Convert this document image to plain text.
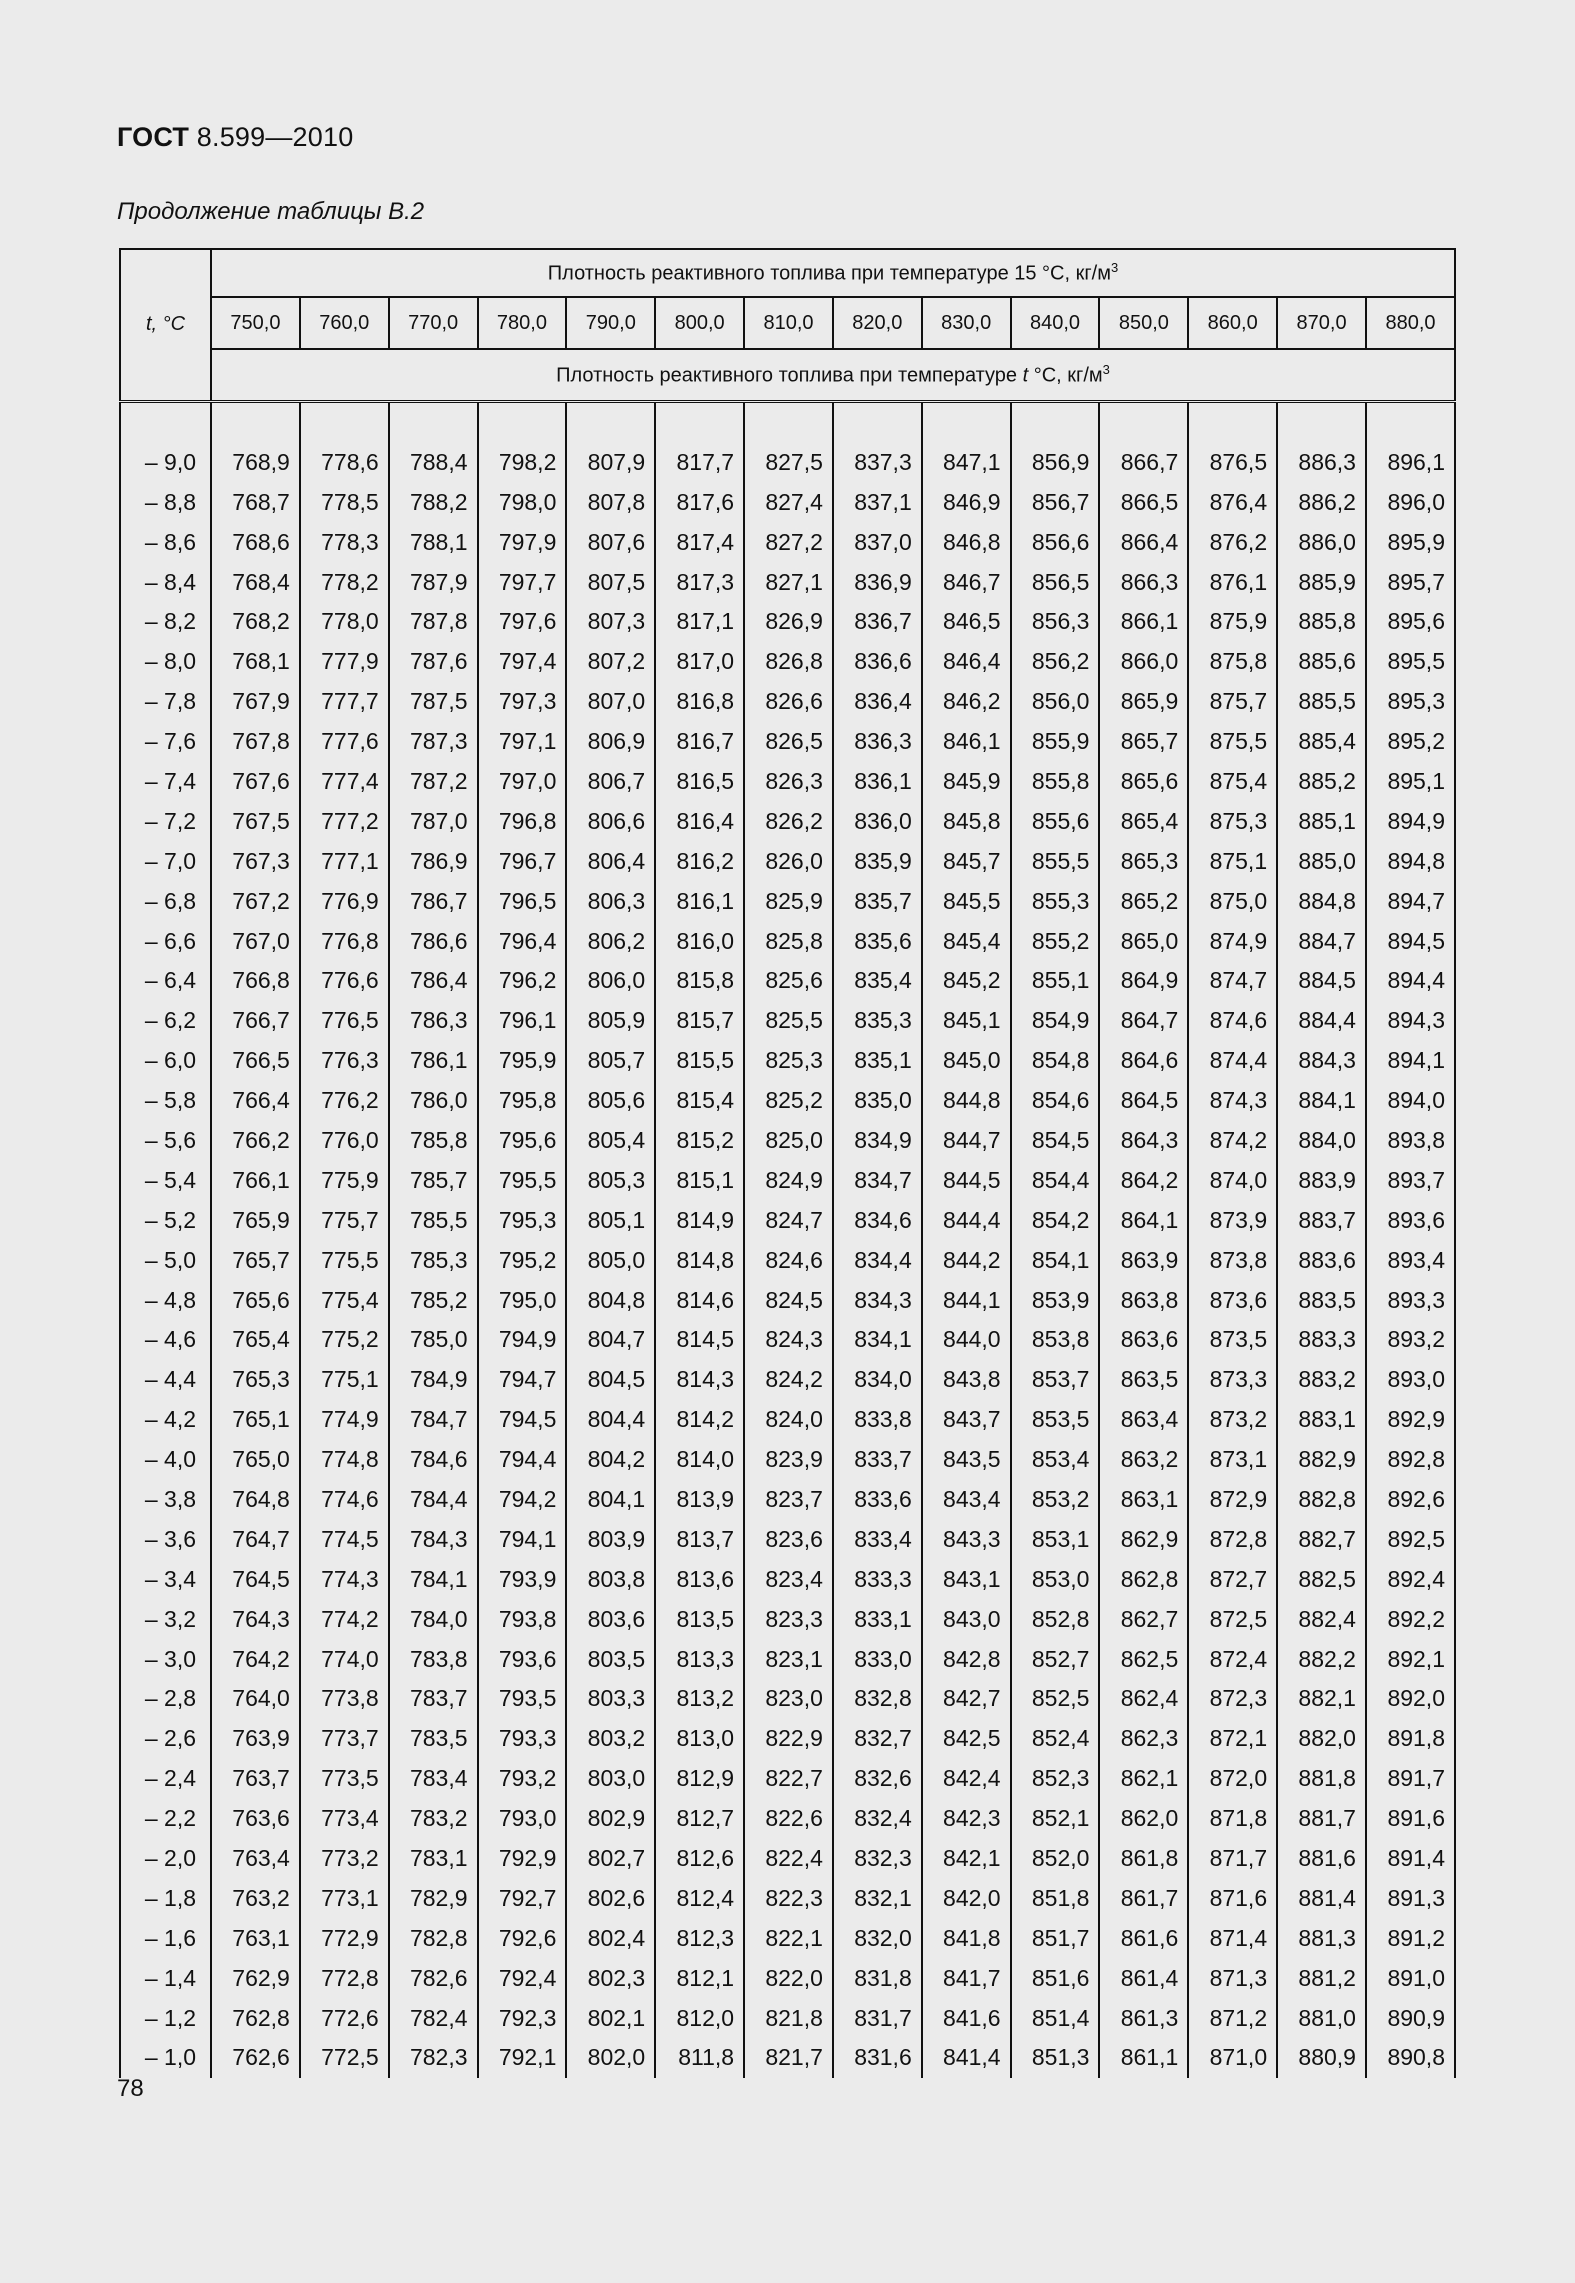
ГОСТ 8.599—2010
Продолжение таблицы В.2
t, °С	Плотность реактивного топлива при температуре 15 °С, $кг/м^3$
	750,0	760,0	770,0	780,0	790,0	800,0	810,0	820,0	830,0	840,0	850,0	860,0	870,0	880,0
	Плотность реактивного топлива при температуре t °С, $кг/м^3$

– 9,0	768,9	778,6	788,4	798,2	807,9	817,7	827,5	837,3	847,1	856,9	866,7	876,5	886,3	896,1
– 8,8	768,7	778,5	788,2	798,0	807,8	817,6	827,4	837,1	846,9	856,7	866,5	876,4	886,2	896,0
– 8,6	768,6	778,3	788,1	797,9	807,6	817,4	827,2	837,0	846,8	856,6	866,4	876,2	886,0	895,9
– 8,4	768,4	778,2	787,9	797,7	807,5	817,3	827,1	836,9	846,7	856,5	866,3	876,1	885,9	895,7
– 8,2	768,2	778,0	787,8	797,6	807,3	817,1	826,9	836,7	846,5	856,3	866,1	875,9	885,8	895,6
– 8,0	768,1	777,9	787,6	797,4	807,2	817,0	826,8	836,6	846,4	856,2	866,0	875,8	885,6	895,5
– 7,8	767,9	777,7	787,5	797,3	807,0	816,8	826,6	836,4	846,2	856,0	865,9	875,7	885,5	895,3
– 7,6	767,8	777,6	787,3	797,1	806,9	816,7	826,5	836,3	846,1	855,9	865,7	875,5	885,4	895,2
– 7,4	767,6	777,4	787,2	797,0	806,7	816,5	826,3	836,1	845,9	855,8	865,6	875,4	885,2	895,1
– 7,2	767,5	777,2	787,0	796,8	806,6	816,4	826,2	836,0	845,8	855,6	865,4	875,3	885,1	894,9
– 7,0	767,3	777,1	786,9	796,7	806,4	816,2	826,0	835,9	845,7	855,5	865,3	875,1	885,0	894,8
– 6,8	767,2	776,9	786,7	796,5	806,3	816,1	825,9	835,7	845,5	855,3	865,2	875,0	884,8	894,7
– 6,6	767,0	776,8	786,6	796,4	806,2	816,0	825,8	835,6	845,4	855,2	865,0	874,9	884,7	894,5
– 6,4	766,8	776,6	786,4	796,2	806,0	815,8	825,6	835,4	845,2	855,1	864,9	874,7	884,5	894,4
– 6,2	766,7	776,5	786,3	796,1	805,9	815,7	825,5	835,3	845,1	854,9	864,7	874,6	884,4	894,3
– 6,0	766,5	776,3	786,1	795,9	805,7	815,5	825,3	835,1	845,0	854,8	864,6	874,4	884,3	894,1
– 5,8	766,4	776,2	786,0	795,8	805,6	815,4	825,2	835,0	844,8	854,6	864,5	874,3	884,1	894,0
– 5,6	766,2	776,0	785,8	795,6	805,4	815,2	825,0	834,9	844,7	854,5	864,3	874,2	884,0	893,8
– 5,4	766,1	775,9	785,7	795,5	805,3	815,1	824,9	834,7	844,5	854,4	864,2	874,0	883,9	893,7
– 5,2	765,9	775,7	785,5	795,3	805,1	814,9	824,7	834,6	844,4	854,2	864,1	873,9	883,7	893,6
– 5,0	765,7	775,5	785,3	795,2	805,0	814,8	824,6	834,4	844,2	854,1	863,9	873,8	883,6	893,4
– 4,8	765,6	775,4	785,2	795,0	804,8	814,6	824,5	834,3	844,1	853,9	863,8	873,6	883,5	893,3
– 4,6	765,4	775,2	785,0	794,9	804,7	814,5	824,3	834,1	844,0	853,8	863,6	873,5	883,3	893,2
– 4,4	765,3	775,1	784,9	794,7	804,5	814,3	824,2	834,0	843,8	853,7	863,5	873,3	883,2	893,0
– 4,2	765,1	774,9	784,7	794,5	804,4	814,2	824,0	833,8	843,7	853,5	863,4	873,2	883,1	892,9
– 4,0	765,0	774,8	784,6	794,4	804,2	814,0	823,9	833,7	843,5	853,4	863,2	873,1	882,9	892,8
– 3,8	764,8	774,6	784,4	794,2	804,1	813,9	823,7	833,6	843,4	853,2	863,1	872,9	882,8	892,6
– 3,6	764,7	774,5	784,3	794,1	803,9	813,7	823,6	833,4	843,3	853,1	862,9	872,8	882,7	892,5
– 3,4	764,5	774,3	784,1	793,9	803,8	813,6	823,4	833,3	843,1	853,0	862,8	872,7	882,5	892,4
– 3,2	764,3	774,2	784,0	793,8	803,6	813,5	823,3	833,1	843,0	852,8	862,7	872,5	882,4	892,2
– 3,0	764,2	774,0	783,8	793,6	803,5	813,3	823,1	833,0	842,8	852,7	862,5	872,4	882,2	892,1
– 2,8	764,0	773,8	783,7	793,5	803,3	813,2	823,0	832,8	842,7	852,5	862,4	872,3	882,1	892,0
– 2,6	763,9	773,7	783,5	793,3	803,2	813,0	822,9	832,7	842,5	852,4	862,3	872,1	882,0	891,8
– 2,4	763,7	773,5	783,4	793,2	803,0	812,9	822,7	832,6	842,4	852,3	862,1	872,0	881,8	891,7
– 2,2	763,6	773,4	783,2	793,0	802,9	812,7	822,6	832,4	842,3	852,1	862,0	871,8	881,7	891,6
– 2,0	763,4	773,2	783,1	792,9	802,7	812,6	822,4	832,3	842,1	852,0	861,8	871,7	881,6	891,4
– 1,8	763,2	773,1	782,9	792,7	802,6	812,4	822,3	832,1	842,0	851,8	861,7	871,6	881,4	891,3
– 1,6	763,1	772,9	782,8	792,6	802,4	812,3	822,1	832,0	841,8	851,7	861,6	871,4	881,3	891,2
– 1,4	762,9	772,8	782,6	792,4	802,3	812,1	822,0	831,8	841,7	851,6	861,4	871,3	881,2	891,0
– 1,2	762,8	772,6	782,4	792,3	802,1	812,0	821,8	831,7	841,6	851,4	861,3	871,2	881,0	890,9
– 1,0	762,6	772,5	782,3	792,1	802,0	811,8	821,7	831,6	841,4	851,3	861,1	871,0	880,9	890,8
78
